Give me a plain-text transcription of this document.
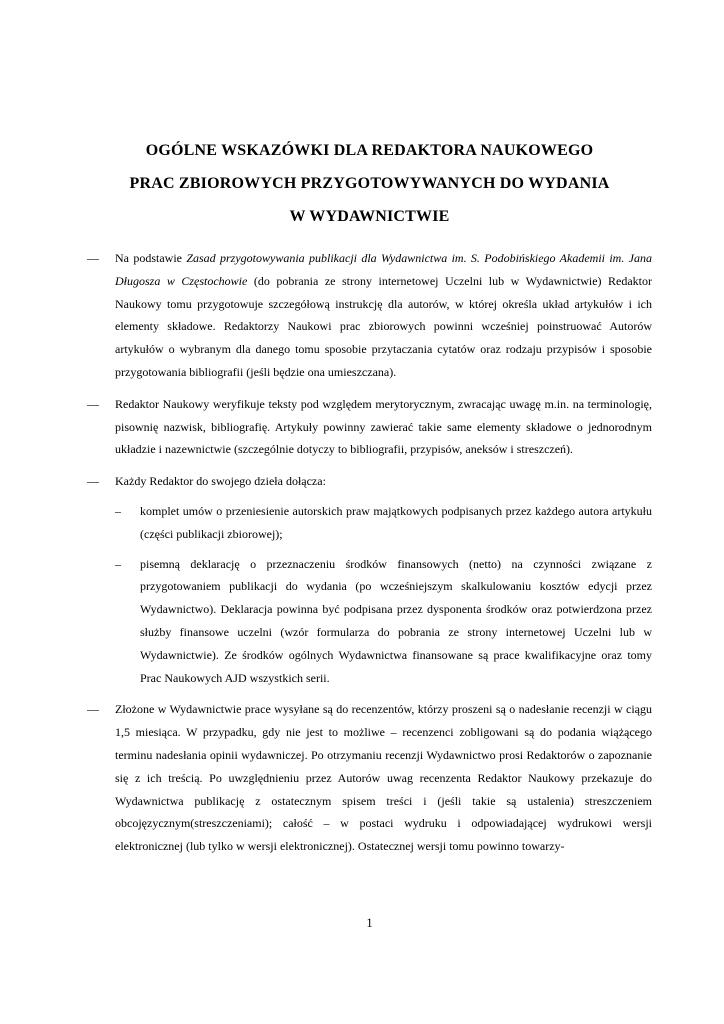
OGÓLNE WSKAZÓWKI DLA REDAKTORA NAUKOWEGO
PRAC ZBIOROWYCH PRZYGOTOWYWANYCH DO WYDANIA
W WYDAWNICTWIE
—	Na podstawie Zasad przygotowywania publikacji dla Wydawnictwa im. S. Podobińskiego Akademii im. Jana Długosza w Częstochowie (do pobrania ze strony internetowej Uczelni lub w Wydawnictwie) Redaktor Naukowy tomu przygotowuje szczegółową instrukcję dla autorów, w której określa układ artykułów i ich elementy składowe. Redaktorzy Naukowi prac zbiorowych powinni wcześniej poinstruować Autorów artykułów o wybranym dla danego tomu sposobie przytaczania cytatów oraz rodzaju przypisów i sposobie przygotowania bibliografii (jeśli będzie ona umieszczana).
—	Redaktor Naukowy weryfikuje teksty pod względem merytorycznym, zwracając uwagę m.in. na terminologię, pisownię nazwisk, bibliografię. Artykuły powinny zawierać takie same elementy składowe o jednorodnym układzie i nazewnictwie (szczególnie dotyczy to bibliografii, przypisów, aneksów i streszczeń).
—	Każdy Redaktor do swojego dzieła dołącza:
–	komplet umów o przeniesienie autorskich praw majątkowych podpisanych przez każdego autora artykułu (części publikacji zbiorowej);
–	pisemną deklarację o przeznaczeniu środków finansowych (netto) na czynności związane z przygotowaniem publikacji do wydania (po wcześniejszym skalkulowaniu kosztów edycji przez Wydawnictwo). Deklaracja powinna być podpisana przez dysponenta środków oraz potwierdzona przez służby finansowe uczelni (wzór formularza do pobrania ze strony internetowej Uczelni lub w Wydawnictwie). Ze środków ogólnych Wydawnictwa finansowane są prace kwalifikacyjne oraz tomy Prac Naukowych AJD wszystkich serii.
—	Złożone w Wydawnictwie prace wysyłane są do recenzentów, którzy proszeni są o nadesłanie recenzji w ciągu 1,5 miesiąca. W przypadku, gdy nie jest to możliwe – recenzenci zobligowani są do podania wiążącego terminu nadesłania opinii wydawniczej. Po otrzymaniu recenzji Wydawnictwo prosi Redaktorów o zapoznanie się z ich treścią. Po uwzględnieniu przez Autorów uwag recenzenta Redaktor Naukowy przekazuje do Wydawnictwa publikację z ostatecznym spisem treści i (jeśli takie są ustalenia) streszczeniem obcojęzycznym(streszczeniami); całość – w postaci wydruku i odpowiadającej wydrukowi wersji elektronicznej (lub tylko w wersji elektronicznej). Ostatecznej wersji tomu powinno towarzy-
1
